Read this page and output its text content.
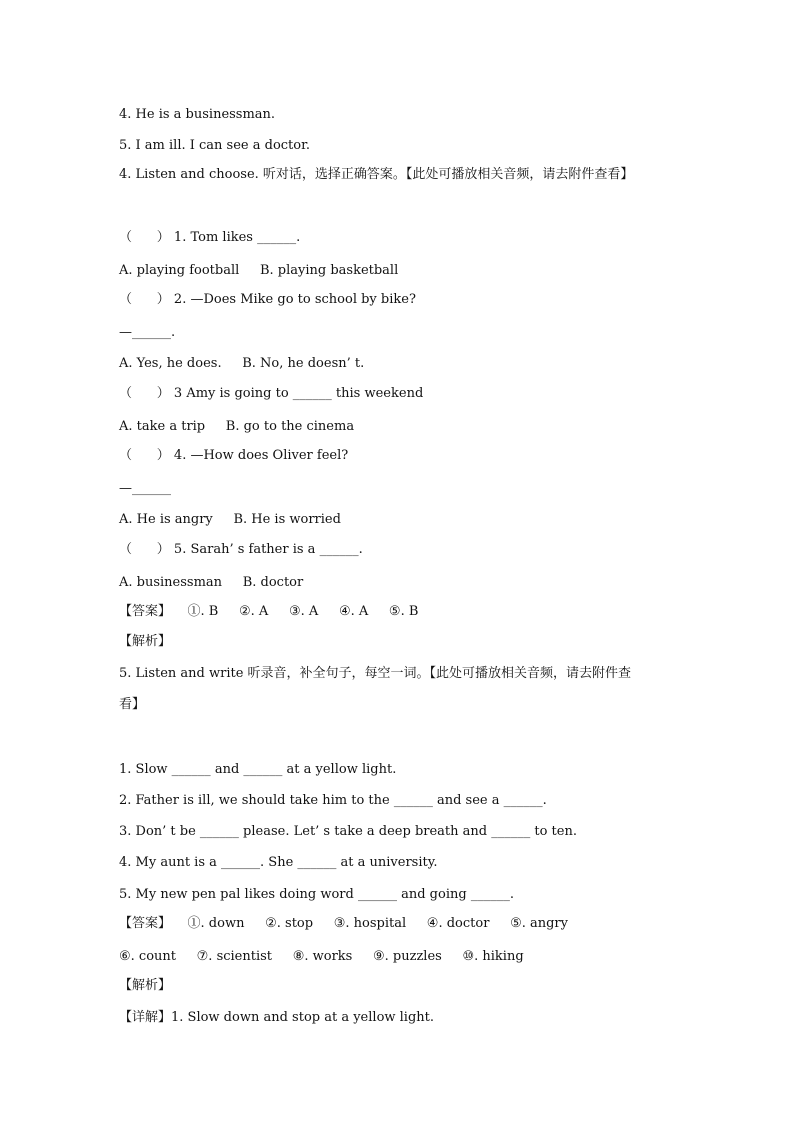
4. He is a businessman.
5. I am ill. I can see a doctor.
4. Listen and choose. 听对话，选择正确答案。【此处可播放相关音频，请去附件查看】
（      ） 1. Tom likes ______.
A. playing football     B. playing basketball
（      ） 2. —Does Mike go to school by bike?
—______.
A. Yes, he does.     B. No, he doesn’ t.
（      ） 3 Amy is going to ______ this weekend
A. take a trip     B. go to the cinema
（      ） 4. —How does Oliver feel?
—______
A. He is angry     B. He is worried
（      ） 5. Sarah’ s father is a ______.
A. businessman     B. doctor
【答案】    ①. B     ②. A     ③. A     ④. A     ⑤. B
【解析】
5. Listen and write 听录音，补全句子，每空一词。【此处可播放相关音频，请去附件查
看】
1. Slow ______ and ______ at a yellow light.
2. Father is ill, we should take him to the ______ and see a ______.
3. Don’ t be ______ please. Let’ s take a deep breath and ______ to ten.
4. My aunt is a ______. She ______ at a university.
5. My new pen pal likes doing word ______ and going ______.
【答案】    ①. down     ②. stop     ③. hospital     ④. doctor     ⑤. angry
⑥. count     ⑦. scientist     ⑧. works     ⑨. puzzles     ⑩. hiking
【解析】
【详解】1. Slow down and stop at a yellow light.
